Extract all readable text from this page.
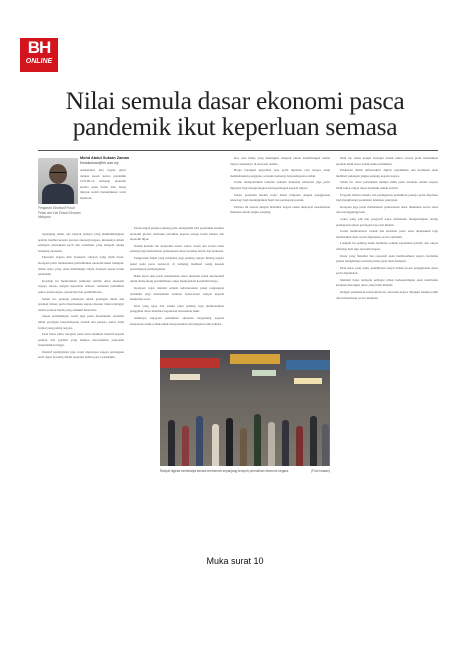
BH
ONLINE
Nilai semula dasar ekonomi pasca
pandemik ikut keperluan semasa
Pengarah Eksekutif Pusat Pelan dan Hal Ehwal Ekonomi Malaysia
Mohd Abdul Sukran Zaman
Mohdsukran@bh.com.my
Adakalanya kita begitu gusar dengan kesan ketara pandemik COVID-19 terhadap ekonomi kerana sejak bulan lalu, harga minyak sudah menunjukkan trend menurun.

Sepanjang tahun, ada banyak perkara yang membimbangkan apabila melihat kepada prestasi ekonomi negara, khususnya dalam kalangan perusahaan kecil dan sederhana yang menjadi tulang belakang ekonomi.

Ekonomi negara kini berdepan cabaran yang lebih besar. Kerajaan perlu memastikan pertumbuhan ekonomi kekal mampan, dalam masa yang sama melindungi rakyat daripada kesan buruk pandemik.

Keadaan ini memerlukan penilaian semula dasar ekonomi supaya selaras dengan keperluan semasa, termasuk pemulihan sektor pelancongan, peruncitan dan perkhidmatan.

Selain itu, peluang pekerjaan untuk golongan muda dan graduan baharu perlu diperluaskan supaya mereka tidak terpinggir dalam pasaran buruh yang semakin mencabar.

Aspek perlindungan sosial juga perlu diperkukuh, terutama untuk golongan berpendapatan rendah dan pekerja sektor tidak formal yang paling terjejas.

Pada masa sama, kerajaan perlu terus memberi insentif kepada pelabur dan syarikat yang mampu mewujudkan pekerjaan berkemahiran tinggi.

Inisiatif pendigitalan juga wajar dipercepat supaya perniagaan kecil dapat bersaing dalam ekonomi baharu pasca pandemik.

Perancangan jangka panjang perlu mengambil kira perubahan struktur ekonomi global, termasuk peralihan kepada tenaga boleh baharu dan ekonomi hijau.

Dalam konteks ini, kerjasama antara sektor awam dan swasta amat penting bagi memastikan pelaksanaan dasar berjalan lancar dan berkesan.

Pengurusan fiskal yang berhemat juga penting supaya hutang negara kekal pada paras terkawal, di samping memberi ruang kepada perbelanjaan pembangunan.

Bank pusat pula perlu memastikan dasar monetari kekal akomodatif untuk menyokong pertumbuhan, tanpa menjejaskan kestabilan harga.

Kerajaan wajar menilai semula keberkesanan pakej rangsangan terdahulu bagi memastikan bantuan benar-benar sampai kepada kumpulan sasar.

Data yang tepat dan terkini amat penting bagi membolehkan penggubal dasar membuat keputusan berasaskan bukti.

Akhirnya, kejayaan pemulihan ekonomi bergantung kepada keupayaan semua pihak untuk menyesuaikan diri dengan norma baharu.

Kos sara hidup yang meningkat menjadi antara kebimbangan utama rakyat, khususnya di kawasan bandar.

Harga barangan keperluan asas perlu dipantau rapi supaya tidak membebankan pengguna, terutama keluarga berpendapatan rendah.

Usaha memperkukuh rantaian bekalan makanan tempatan juga perlu dipergiat bagi mengurangkan kebergantungan kepada import.

Sektor pertanian moden wajar diberi tumpuan dengan penggunaan teknologi bagi meningkatkan hasil dan pendapatan petani.

Perkara ini selaras dengan matlamat negara untuk mencapai keselamatan makanan dalam jangka panjang.

Oleh itu, rakan kongsi strategik dalam sektor swasta perlu memainkan peranan lebih besar dalam usaha pemulihan.

Pelaburan dalam infrastruktur digital, pendidikan dan kesihatan akan memberi pulangan jangka panjang kepada negara.

Selain itu, dasar perumahan mampu milik perlu disemak semula supaya lebih ramai rakyat dapat memiliki rumah sendiri.

Program latihan semula dan peningkatan kemahiran pekerja perlu diperluas bagi menghadapi perubahan landskap pekerjaan.

Kerajaan juga perlu memastikan pelaksanaan dasar dilakukan secara telus dan bertanggungjawab.

Cukai yang adil dan progresif dapat membantu mengurangkan jurang pendapatan antara golongan kaya dan miskin.

Usaha membanteras rasuah dan ketirisan perlu terus diperkukuh bagi memastikan dana awam digunakan secara optimum.

Langkah ini penting untuk membina semula keyakinan pelabur dan rakyat terhadap hala tuju ekonomi negara.

Dasar yang fleksibel dan responsif akan membolehkan negara bertindak pantas menghadapi sebarang krisis pada masa hadapan.

Pada masa yang sama, penglibatan rakyat dalam proses penggubalan dasar perlu digalakkan.

Maklum balas daripada pelbagai pihak berkepentingan akan membantu kerajaan merangka dasar yang lebih inklusif.

Dengan pendekatan menyeluruh ini, ekonomi negara dijangka mampu pulih dan berkembang secara mampan.

Rakyat digesa berbelanja secara berhemah sepanjang tempoh pemulihan ekonomi negara.	(Foto hiasan)
Muka surat 10
